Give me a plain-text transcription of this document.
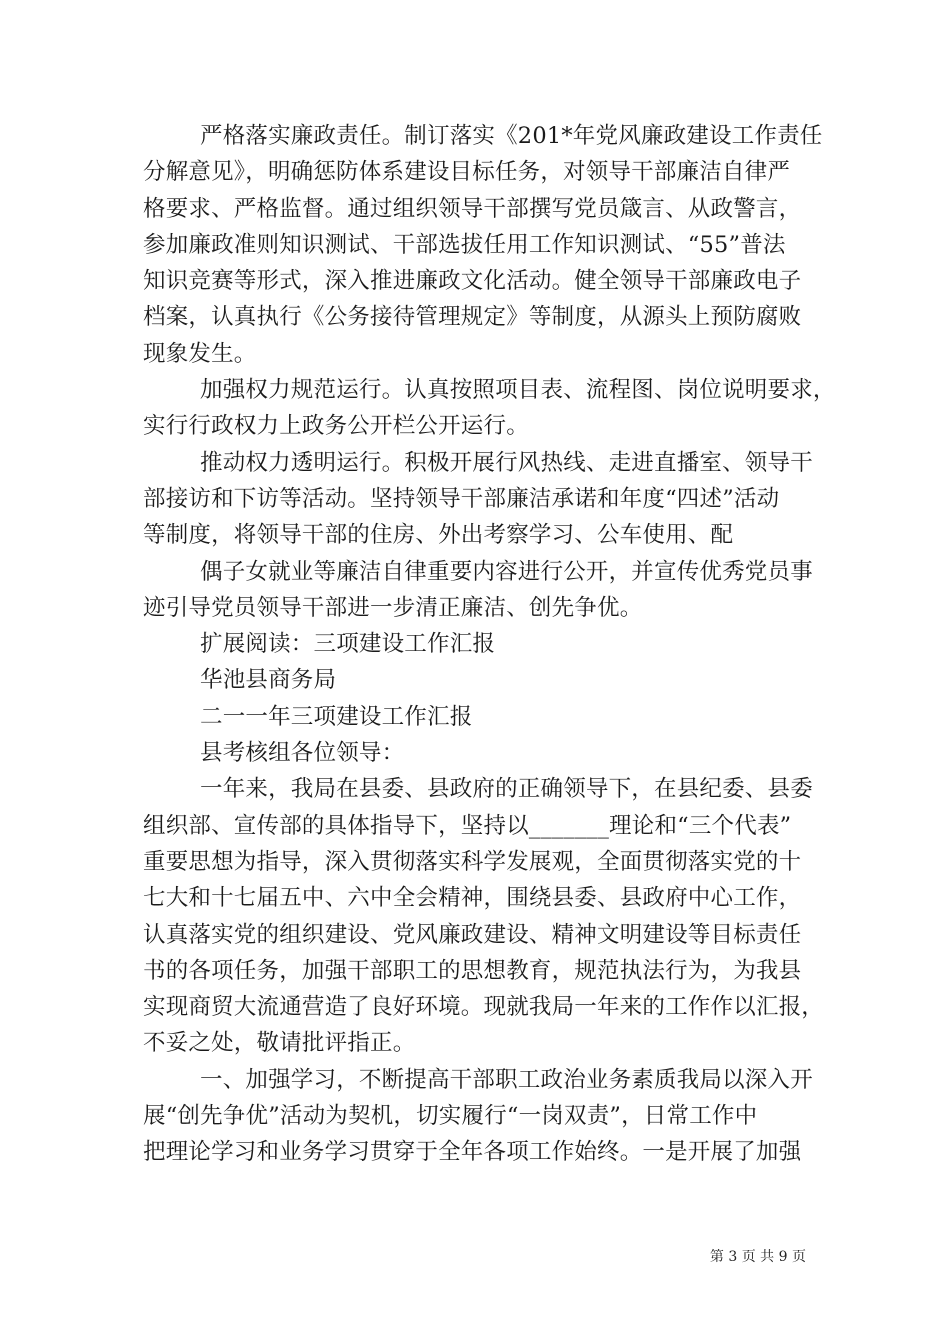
严格落实廉政责任。制订落实《201*年党风廉政建设工作责任
分解意见》，明确惩防体系建设目标任务，对领导干部廉洁自律严
格要求、严格监督。通过组织领导干部撰写党员箴言、从政警言，
参加廉政准则知识测试、干部选拔任用工作知识测试、“55”普法
知识竞赛等形式，深入推进廉政文化活动。健全领导干部廉政电子
档案，认真执行《公务接待管理规定》等制度，从源头上预防腐败
现象发生。
加强权力规范运行。认真按照项目表、流程图、岗位说明要求，
实行行政权力上政务公开栏公开运行。
推动权力透明运行。积极开展行风热线、走进直播室、领导干
部接访和下访等活动。坚持领导干部廉洁承诺和年度“四述”活动
等制度，将领导干部的住房、外出考察学习、公车使用、配
偶子女就业等廉洁自律重要内容进行公开，并宣传优秀党员事
迹引导党员领导干部进一步清正廉洁、创先争优。
扩展阅读：三项建设工作汇报
华池县商务局
二一一年三项建设工作汇报
县考核组各位领导：
一年来，我局在县委、县政府的正确领导下，在县纪委、县委
组织部、宣传部的具体指导下，坚持以_______理论和“三个代表”
重要思想为指导，深入贯彻落实科学发展观，全面贯彻落实党的十
七大和十七届五中、六中全会精神，围绕县委、县政府中心工作，
认真落实党的组织建设、党风廉政建设、精神文明建设等目标责任
书的各项任务，加强干部职工的思想教育，规范执法行为，为我县
实现商贸大流通营造了良好环境。现就我局一年来的工作作以汇报，
不妥之处，敬请批评指正。
一、加强学习，不断提高干部职工政治业务素质我局以深入开
展“创先争优”活动为契机，切实履行“一岗双责”，日常工作中
把理论学习和业务学习贯穿于全年各项工作始终。一是开展了加强
第 3 页 共 9 页
